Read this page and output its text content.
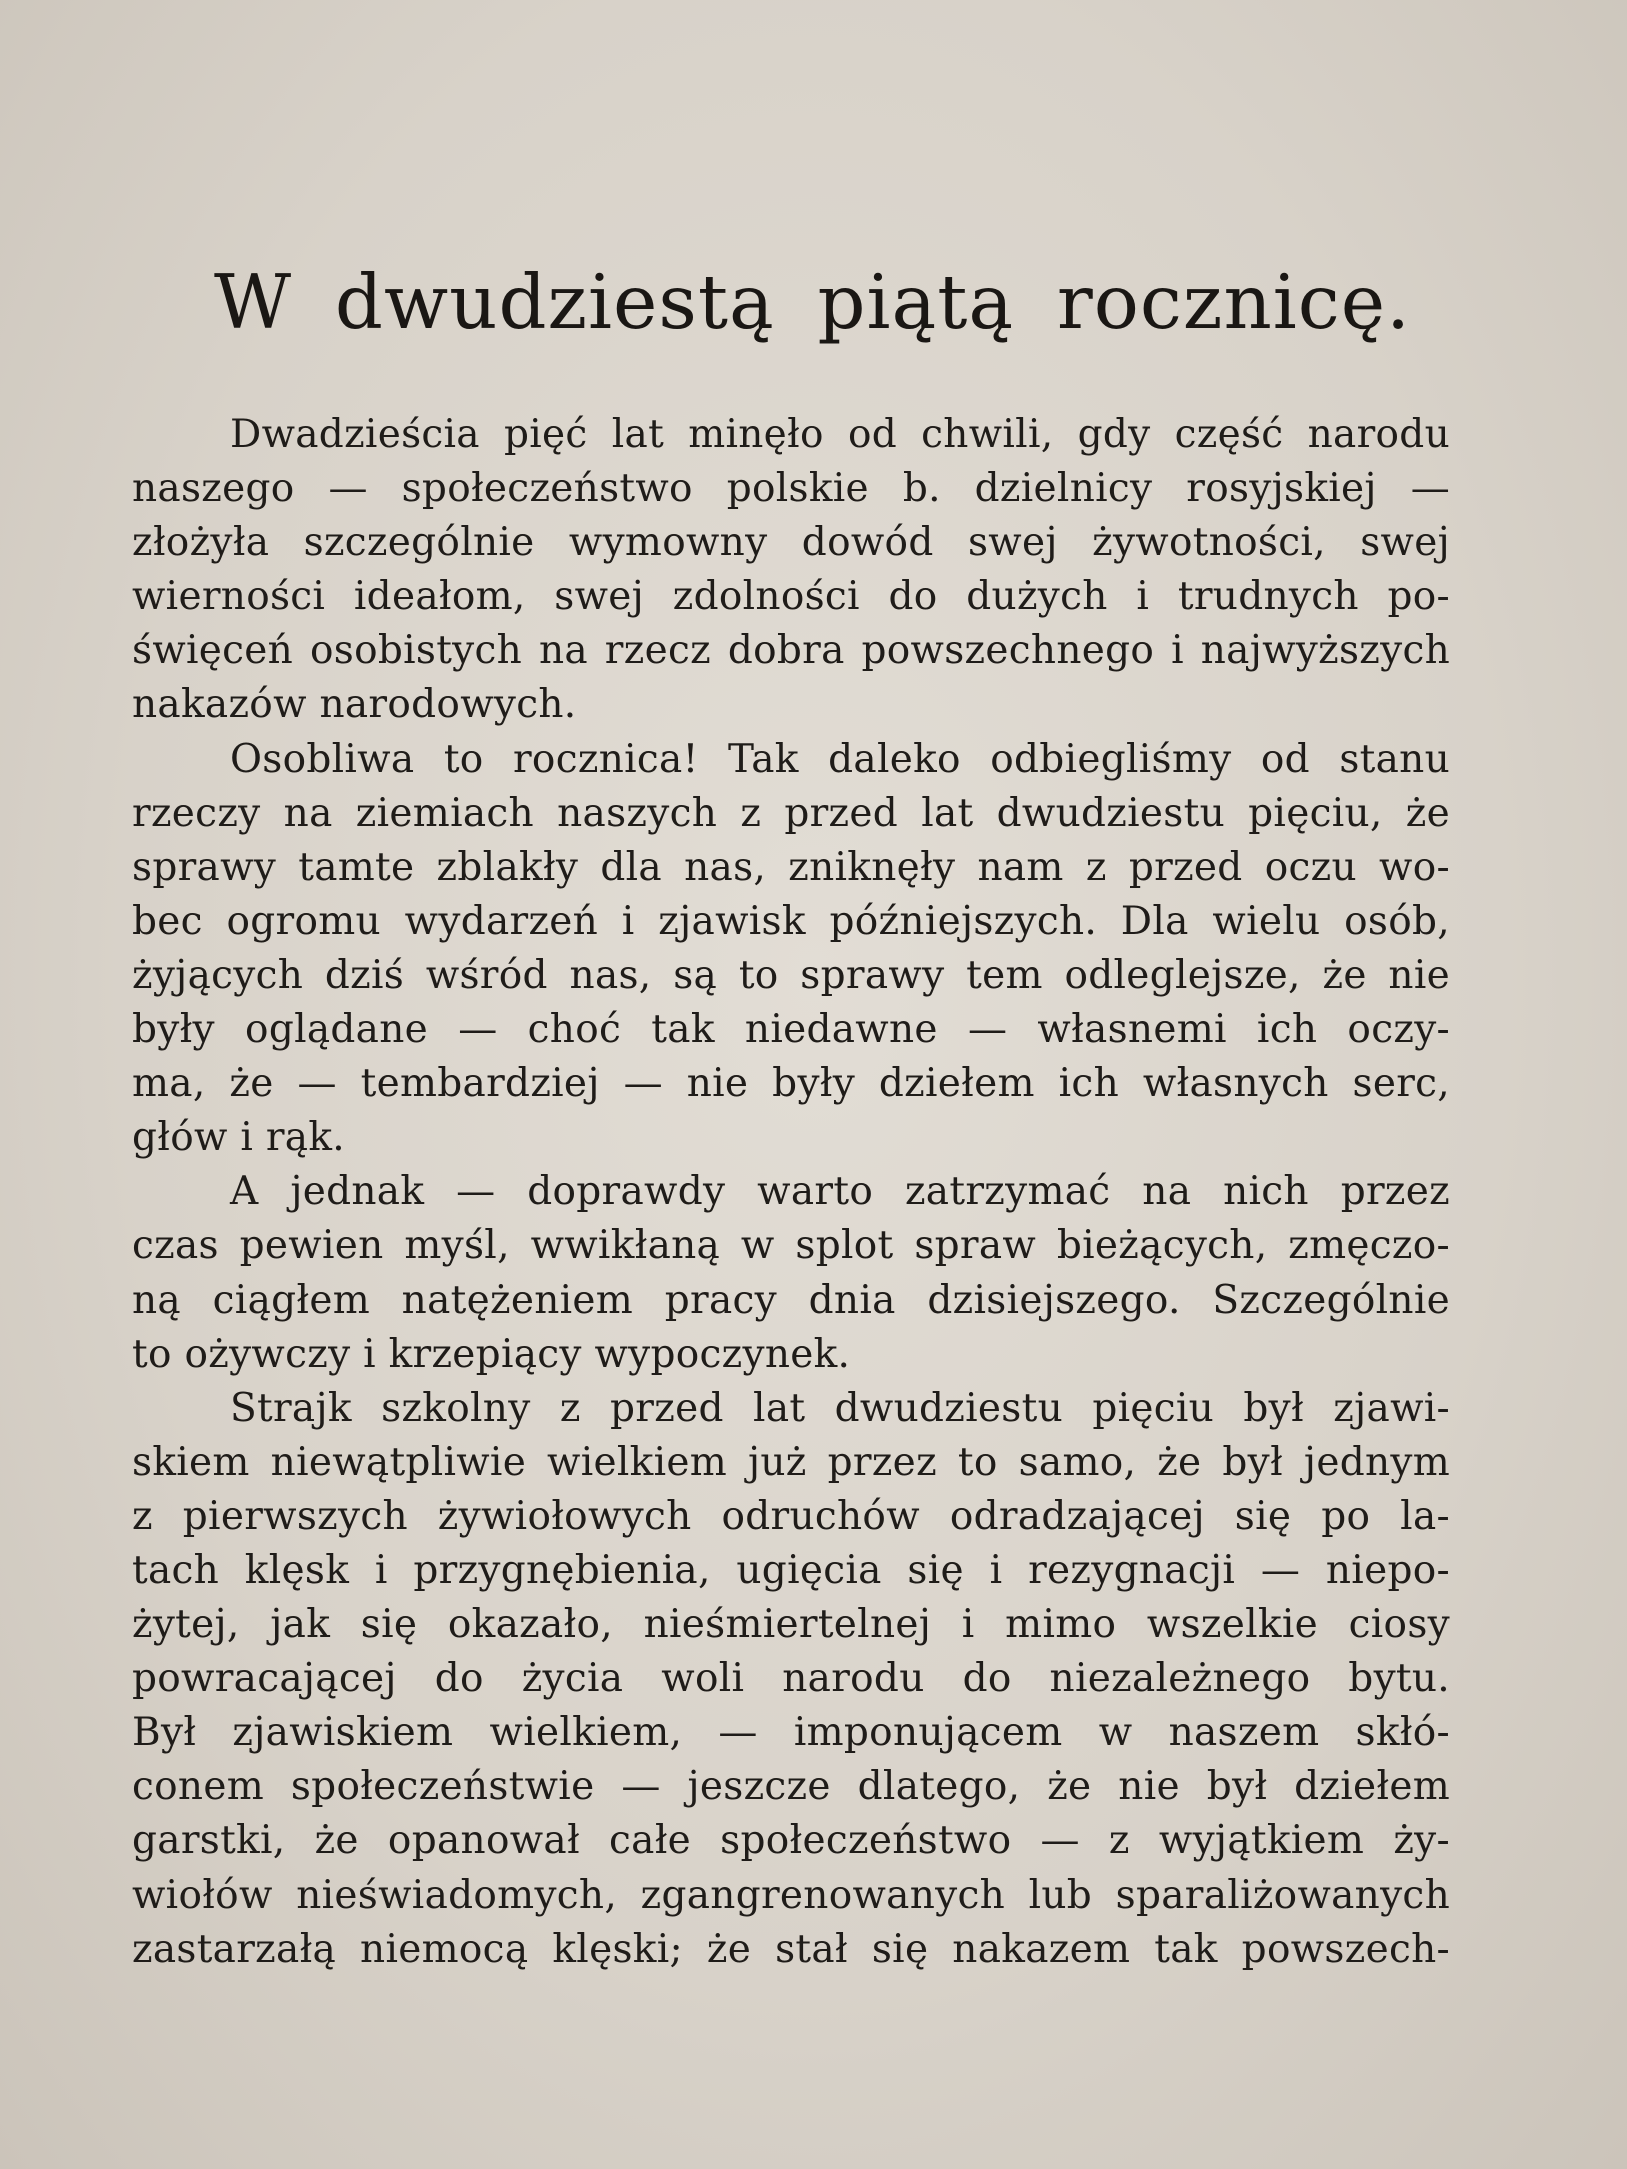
W dwudziestą piątą rocznicę.
Dwadzieścia pięć lat minęło od chwili, gdy część narodu
naszego — społeczeństwo polskie b. dzielnicy rosyjskiej —
złożyła szczególnie wymowny dowód swej żywotności, swej
wierności ideałom, swej zdolności do dużych i trudnych po-
święceń osobistych na rzecz dobra powszechnego i najwyższych
nakazów narodowych.
Osobliwa to rocznica! Tak daleko odbiegliśmy od stanu
rzeczy na ziemiach naszych z przed lat dwudziestu pięciu, że
sprawy tamte zblakły dla nas, zniknęły nam z przed oczu wo-
bec ogromu wydarzeń i zjawisk późniejszych. Dla wielu osób,
żyjących dziś wśród nas, są to sprawy tem odleglejsze, że nie
były oglądane — choć tak niedawne — własnemi ich oczy-
ma, że — tembardziej — nie były dziełem ich własnych serc,
głów i rąk.
A jednak — doprawdy warto zatrzymać na nich przez
czas pewien myśl, wwikłaną w splot spraw bieżących, zmęczo-
ną ciągłem natężeniem pracy dnia dzisiejszego. Szczególnie
to ożywczy i krzepiący wypoczynek.
Strajk szkolny z przed lat dwudziestu pięciu był zjawi-
skiem niewątpliwie wielkiem już przez to samo, że był jednym
z pierwszych żywiołowych odruchów odradzającej się po la-
tach klęsk i przygnębienia, ugięcia się i rezygnacji — niepo-
żytej, jak się okazało, nieśmiertelnej i mimo wszelkie ciosy
powracającej do życia woli narodu do niezależnego bytu.
Był zjawiskiem wielkiem, — imponującem w naszem skłó-
conem społeczeństwie — jeszcze dlatego, że nie był dziełem
garstki, że opanował całe społeczeństwo — z wyjątkiem ży-
wiołów nieświadomych, zgangrenowanych lub sparaliżowanych
zastarzałą niemocą klęski; że stał się nakazem tak powszech-
